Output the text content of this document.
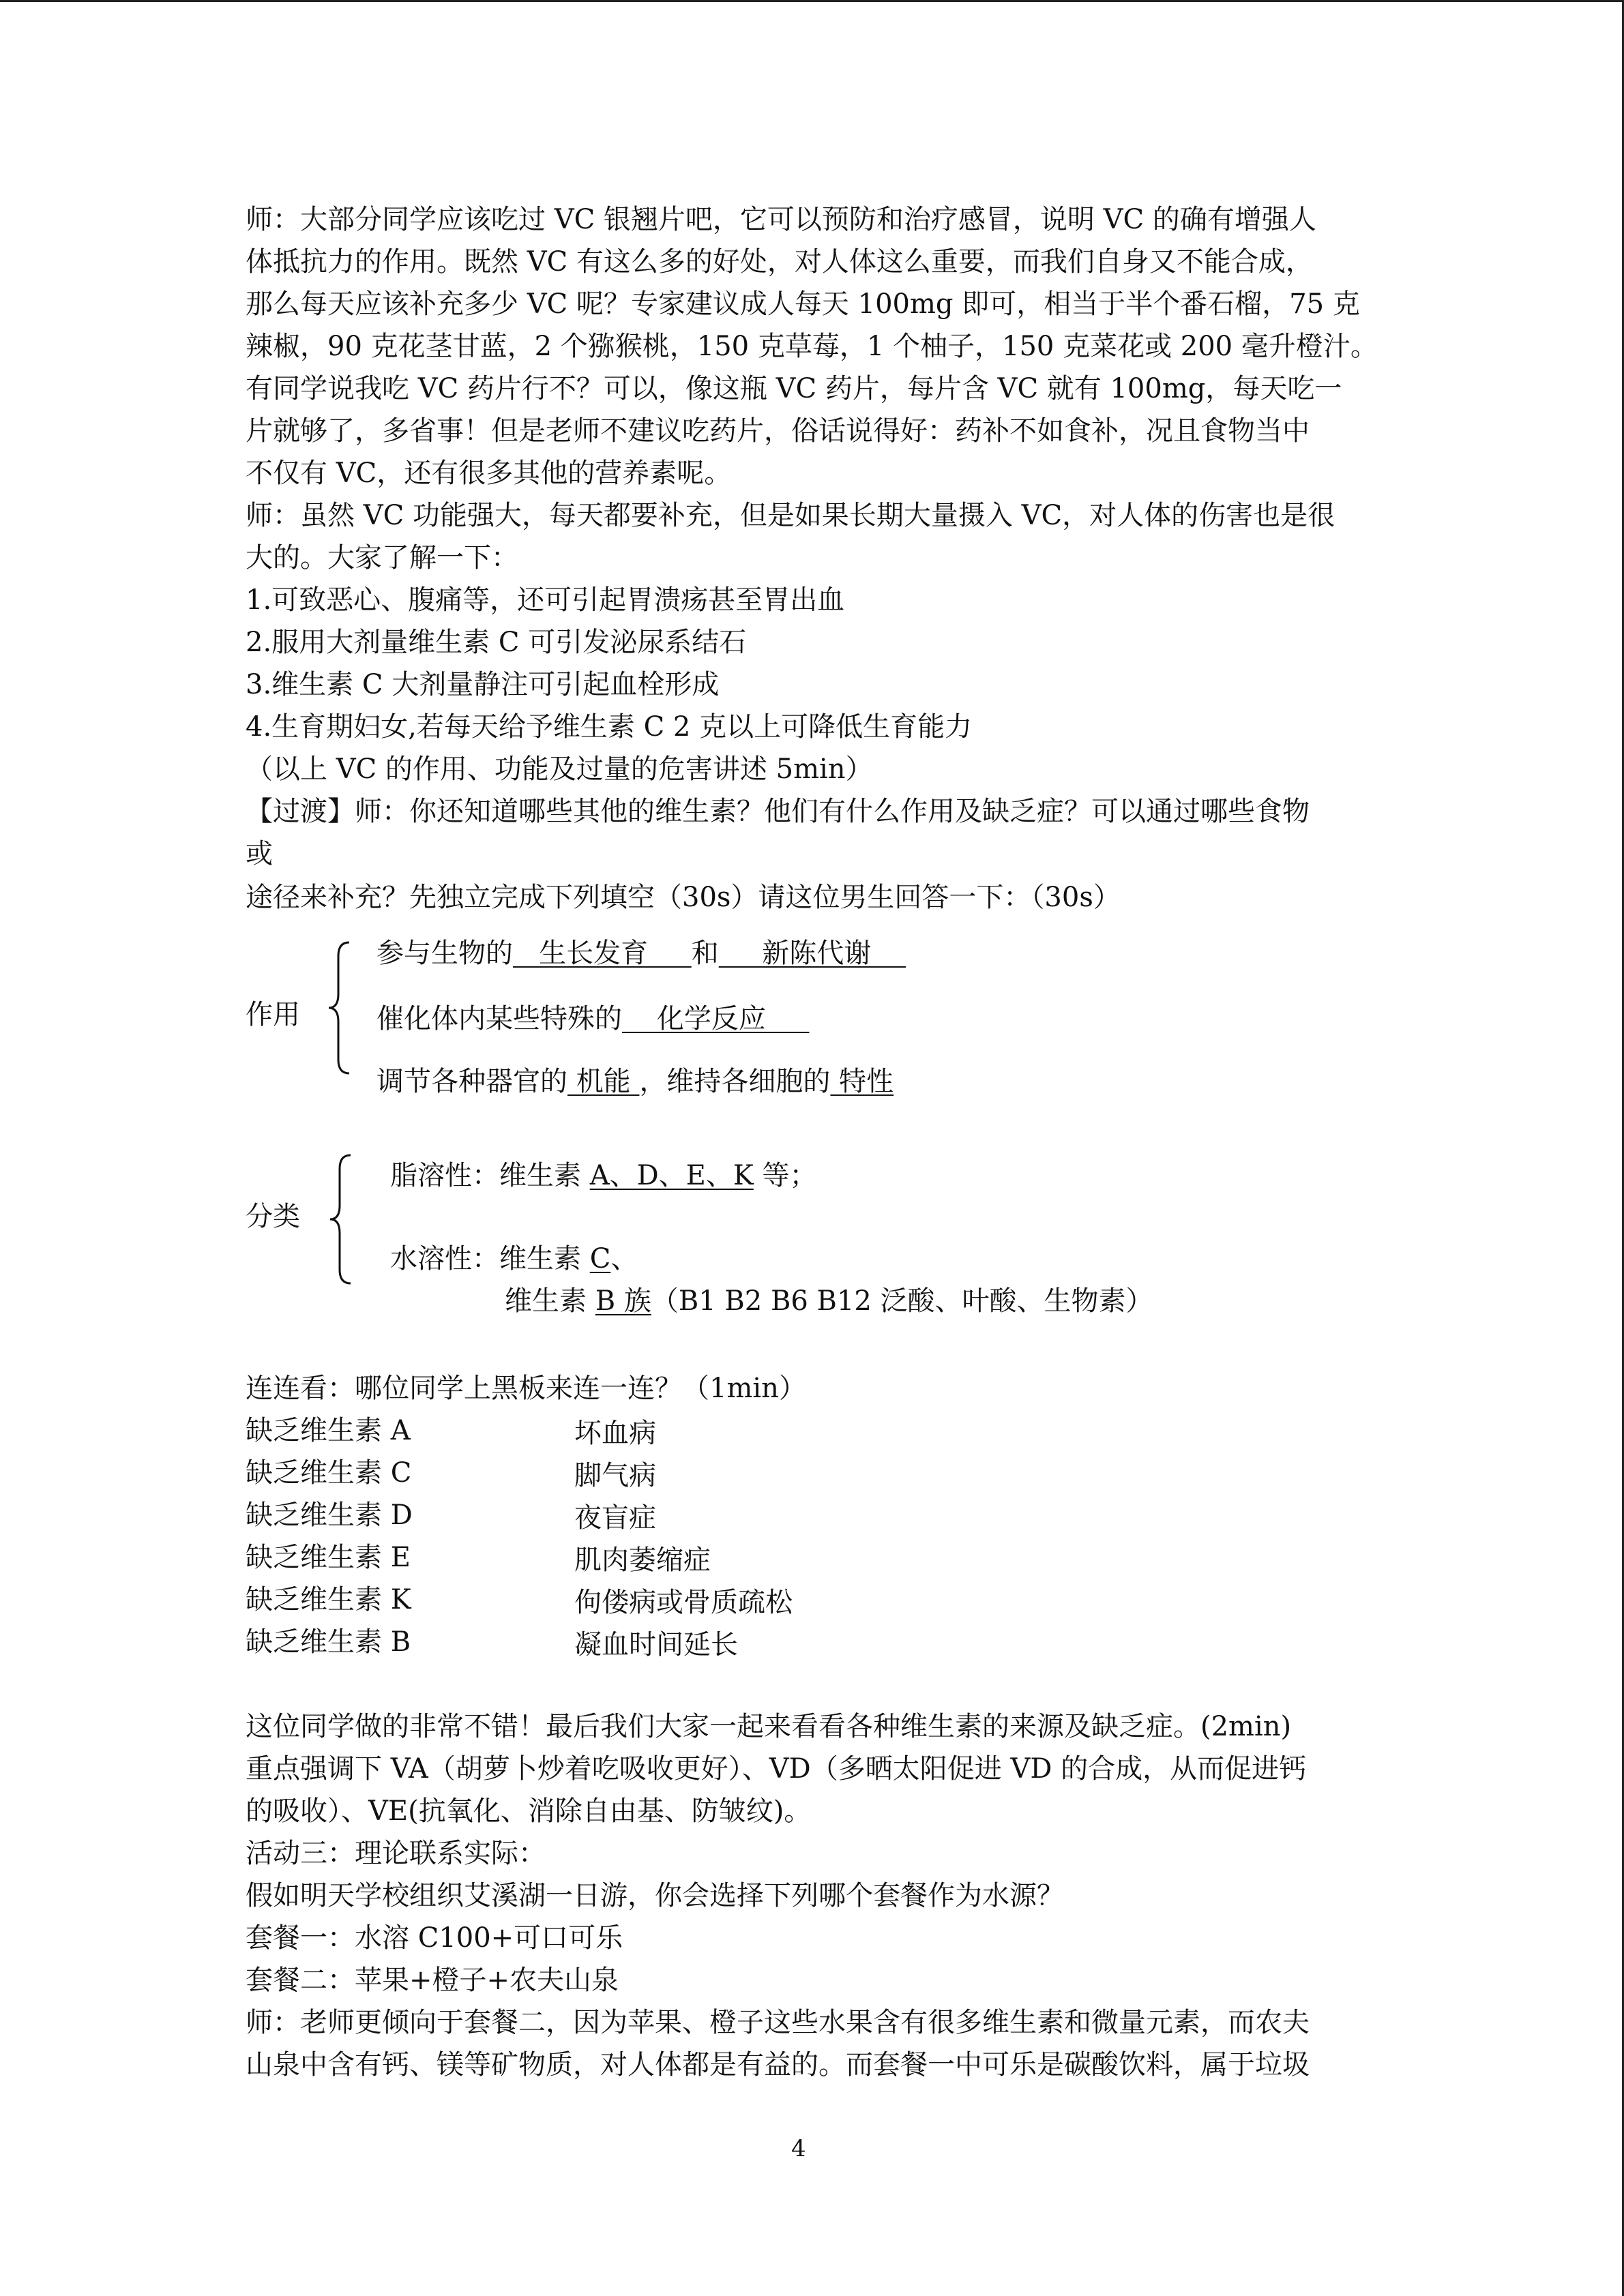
师：大部分同学应该吃过 VC 银翘片吧，它可以预防和治疗感冒，说明 VC 的确有增强人
体抵抗力的作用。既然 VC 有这么多的好处，对人体这么重要，而我们自身又不能合成，
那么每天应该补充多少 VC 呢？专家建议成人每天 100mg 即可，相当于半个番石榴，75 克
辣椒，90 克花茎甘蓝，2 个猕猴桃，150 克草莓，1 个柚子，150 克菜花或 200 毫升橙汁。
有同学说我吃 VC 药片行不？可以，像这瓶 VC 药片，每片含 VC 就有 100mg，每天吃一
片就够了，多省事！但是老师不建议吃药片，俗话说得好：药补不如食补，况且食物当中
不仅有 VC，还有很多其他的营养素呢。
师：虽然 VC 功能强大，每天都要补充，但是如果长期大量摄入 VC，对人体的伤害也是很
大的。大家了解一下：
1.可致恶心、腹痛等，还可引起胃溃疡甚至胃出血
2.服用大剂量维生素 C 可引发泌尿系结石
3.维生素 C 大剂量静注可引起血栓形成
4.生育期妇女,若每天给予维生素 C 2 克以上可降低生育能力
（以上 VC 的作用、功能及过量的危害讲述 5min）
【过渡】师：你还知道哪些其他的维生素？他们有什么作用及缺乏症？可以通过哪些食物
或
途径来补充？先独立完成下列填空（30s）请这位男生回答一下：（30s）
作用
参与生物的   生长发育     和     新陈代谢
催化体内某些特殊的    化学反应
调节各种器官的 机能 ，维持各细胞的 特性
分类
脂溶性：维生素 A、D、E、K 等；
水溶性：维生素 C、
维生素 B 族（B1 B2 B6 B12 泛酸、叶酸、生物素）
连连看：哪位同学上黑板来连一连？（1min）
缺乏维生素 A
缺乏维生素 C
缺乏维生素 D
缺乏维生素 E
缺乏维生素 K
缺乏维生素 B
坏血病
脚气病
夜盲症
肌肉萎缩症
佝偻病或骨质疏松
凝血时间延长
这位同学做的非常不错！最后我们大家一起来看看各种维生素的来源及缺乏症。(2min)
重点强调下 VA（胡萝卜炒着吃吸收更好）、VD（多晒太阳促进 VD 的合成，从而促进钙
的吸收）、VE(抗氧化、消除自由基、防皱纹)。
活动三：理论联系实际：
假如明天学校组织艾溪湖一日游，你会选择下列哪个套餐作为水源？
套餐一：水溶 C100+可口可乐
套餐二：苹果+橙子+农夫山泉
师：老师更倾向于套餐二，因为苹果、橙子这些水果含有很多维生素和微量元素，而农夫
山泉中含有钙、镁等矿物质，对人体都是有益的。而套餐一中可乐是碳酸饮料，属于垃圾
4
